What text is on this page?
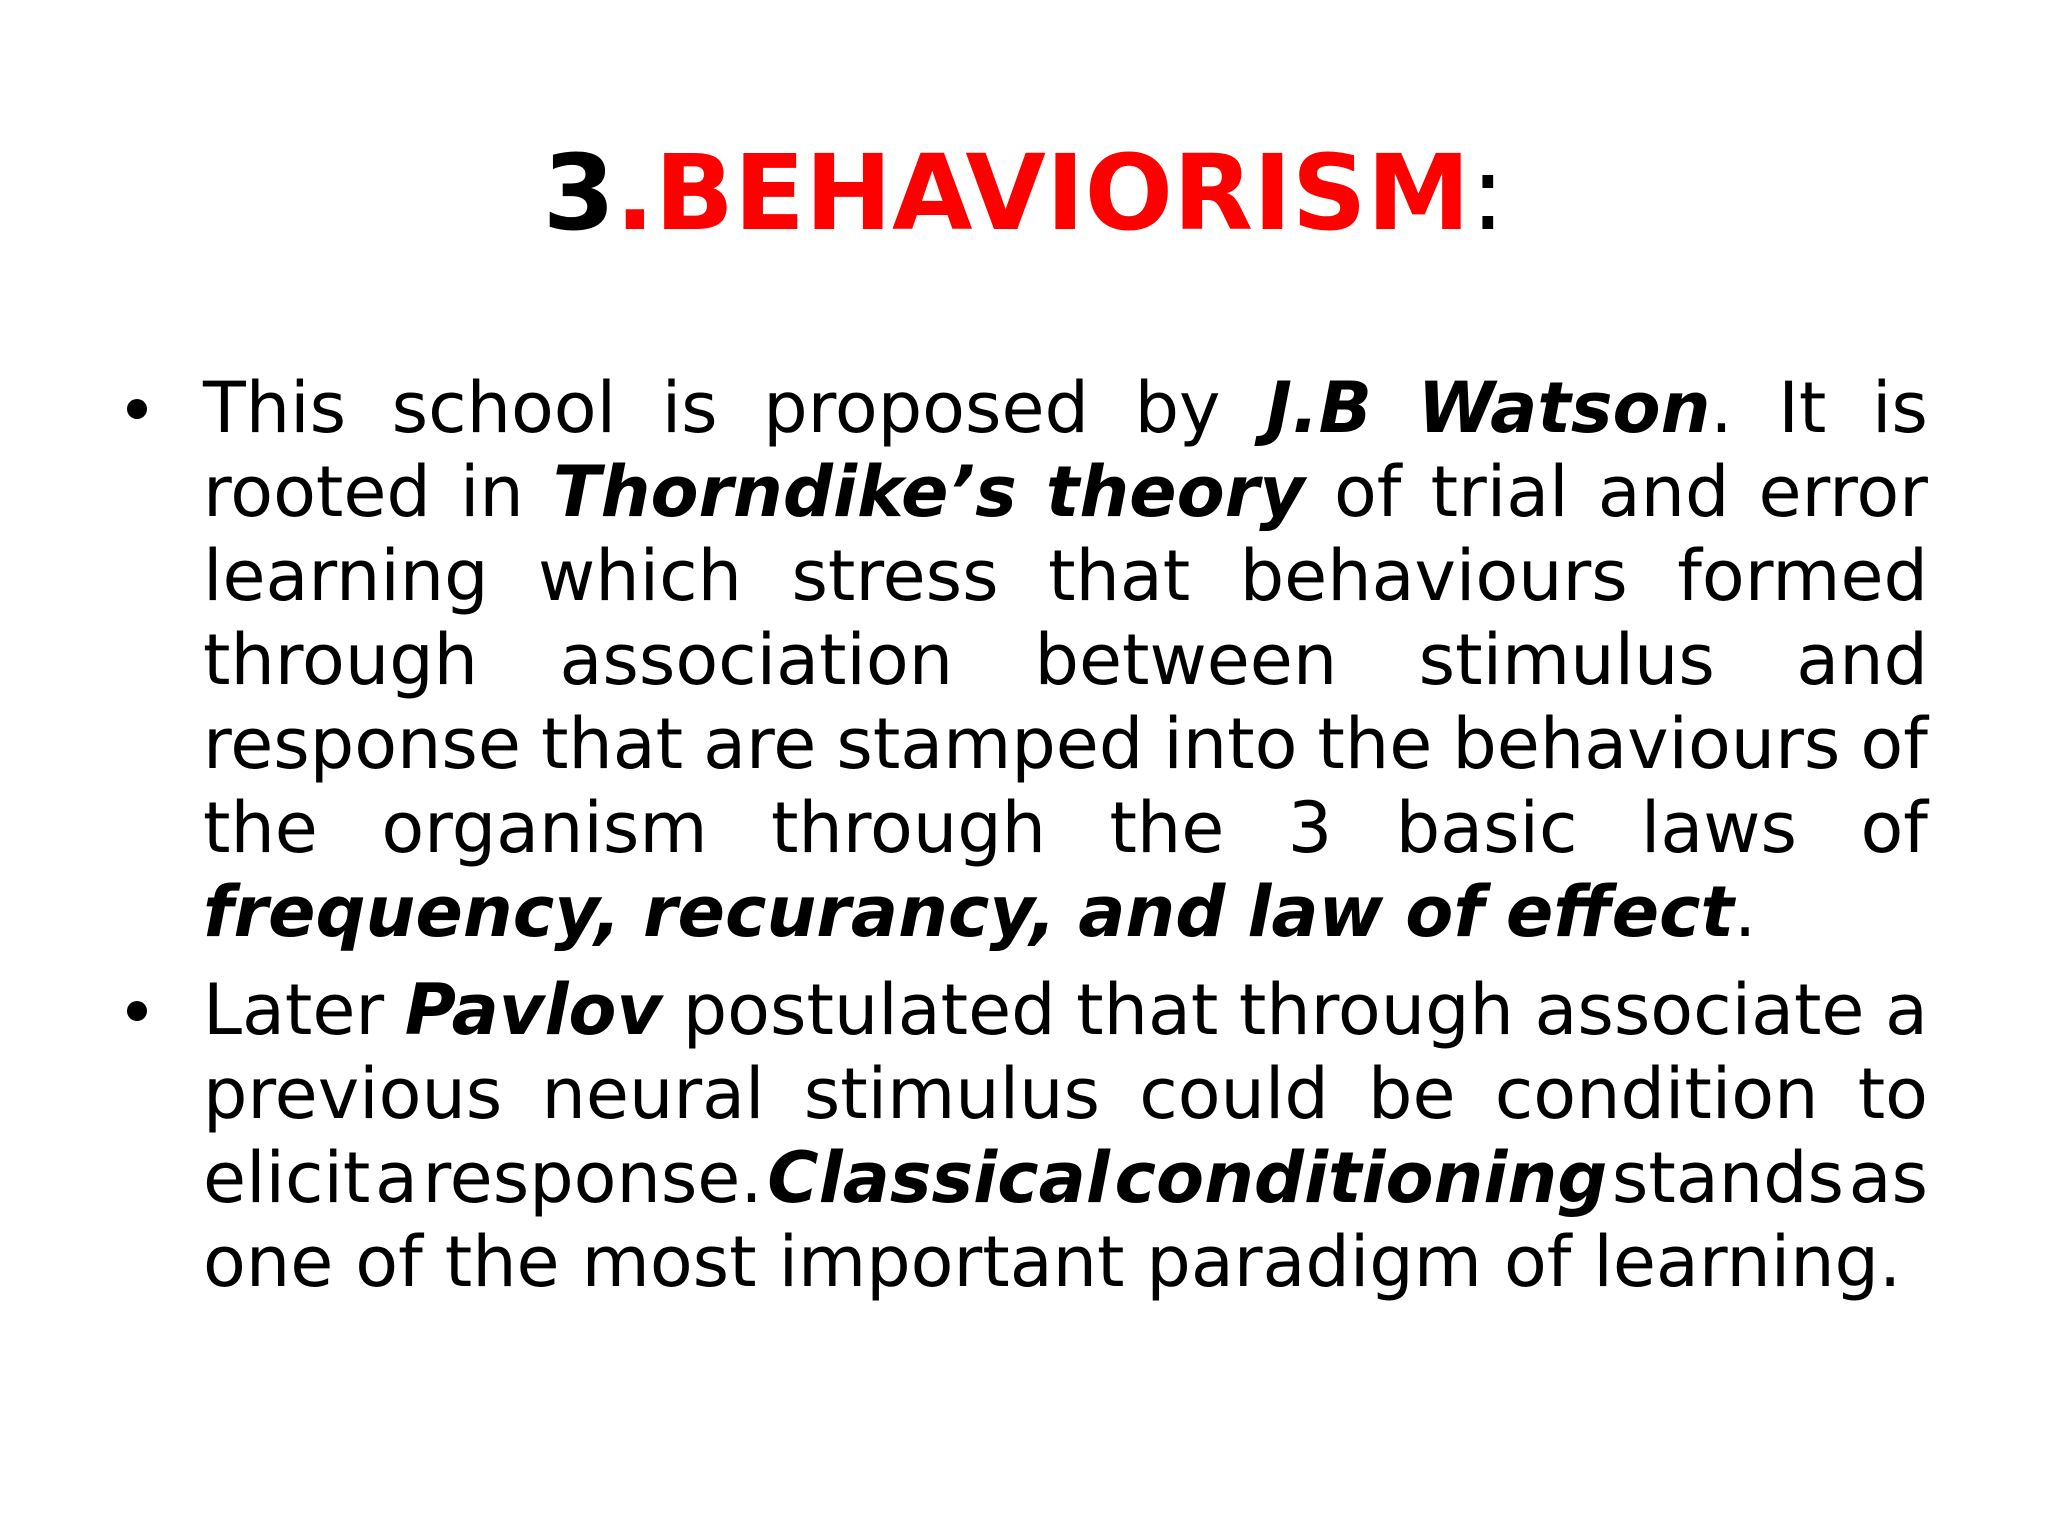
3.BEHAVIORISM:
This school is proposed by J.B Watson. It is
rooted in Thorndike’s theory of trial and error
learning which stress that behaviours formed
through association between stimulus and
response that are stamped into the behaviours of
the organism through the 3 basic laws of
frequency, recurancy, and law of effect.
Later Pavlov postulated that through associate a
previous neural stimulus could be condition to
elicit a response. Classical conditioning stands as
one of the most important paradigm of learning.
